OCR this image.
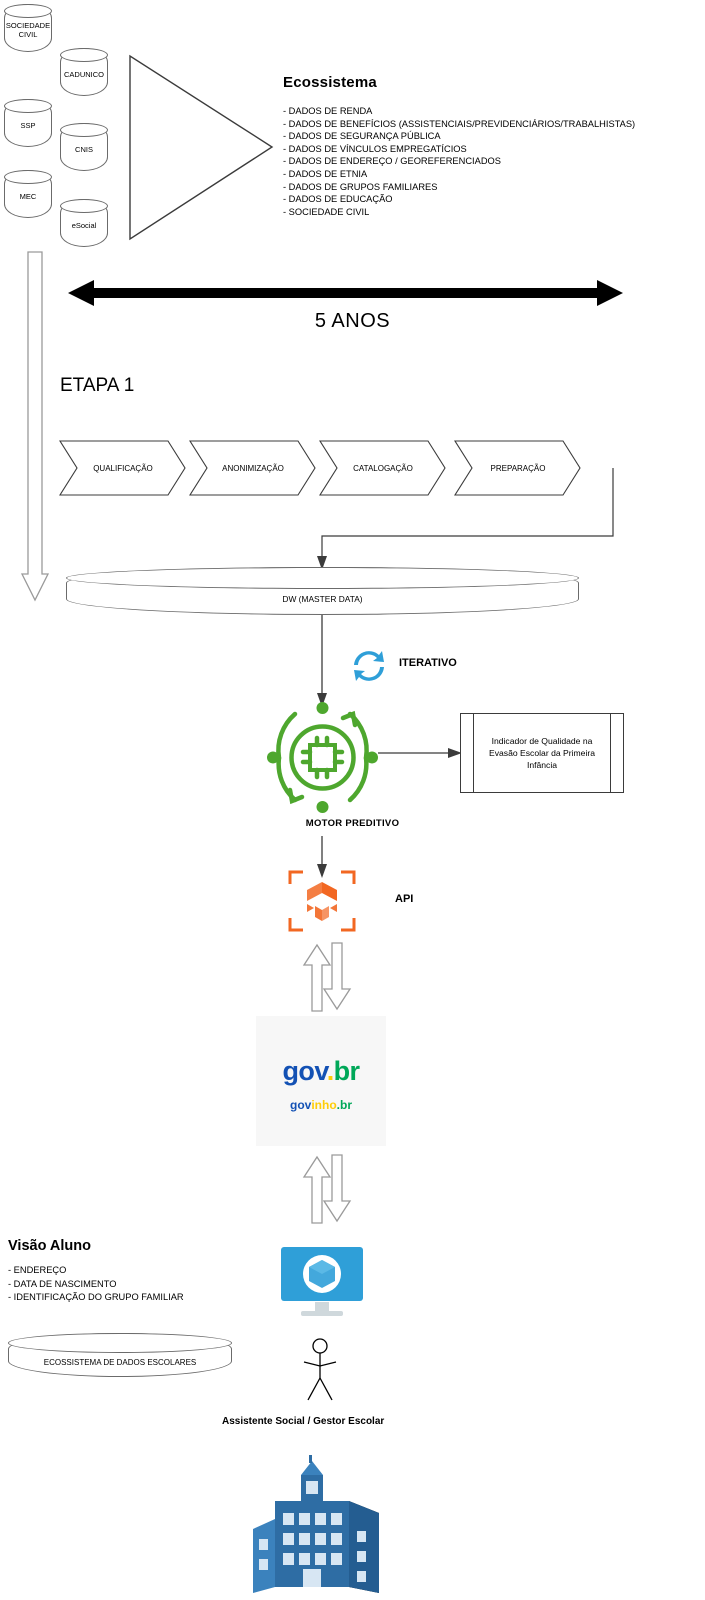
SOCIEDADE
CIVIL
SSP
MEC
CADUNICO
CNIS
eSocial
Ecossistema
- DADOS DE RENDA
- DADOS DE BENEFÍCIOS (ASSISTENCIAIS/PREVIDENCIÁRIOS/TRABALHISTAS)
- DADOS DE SEGURANÇA PÚBLICA
- DADOS DE VÍNCULOS EMPREGATÍCIOS
- DADOS DE ENDEREÇO / GEOREFERENCIADOS
- DADOS DE ETNIA
- DADOS DE GRUPOS FAMILIARES
- DADOS DE EDUCAÇÃO
- SOCIEDADE CIVIL
5 ANOS
ETAPA 1
QUALIFICAÇÃO	ANONIMIZAÇÃO	CATALOGAÇÃO	PREPARAÇÃO
DW (MASTER DATA)
ITERATIVO
MOTOR PREDITIVO
Indicador de Qualidade na Evasão Escolar da Primeira Infância
API
gov.br
govinho.br
Visão Aluno
- ENDEREÇO
- DATA DE NASCIMENTO
- IDENTIFICAÇÃO DO GRUPO FAMILIAR
ECOSSISTEMA DE DADOS ESCOLARES
Assistente Social / Gestor Escolar
